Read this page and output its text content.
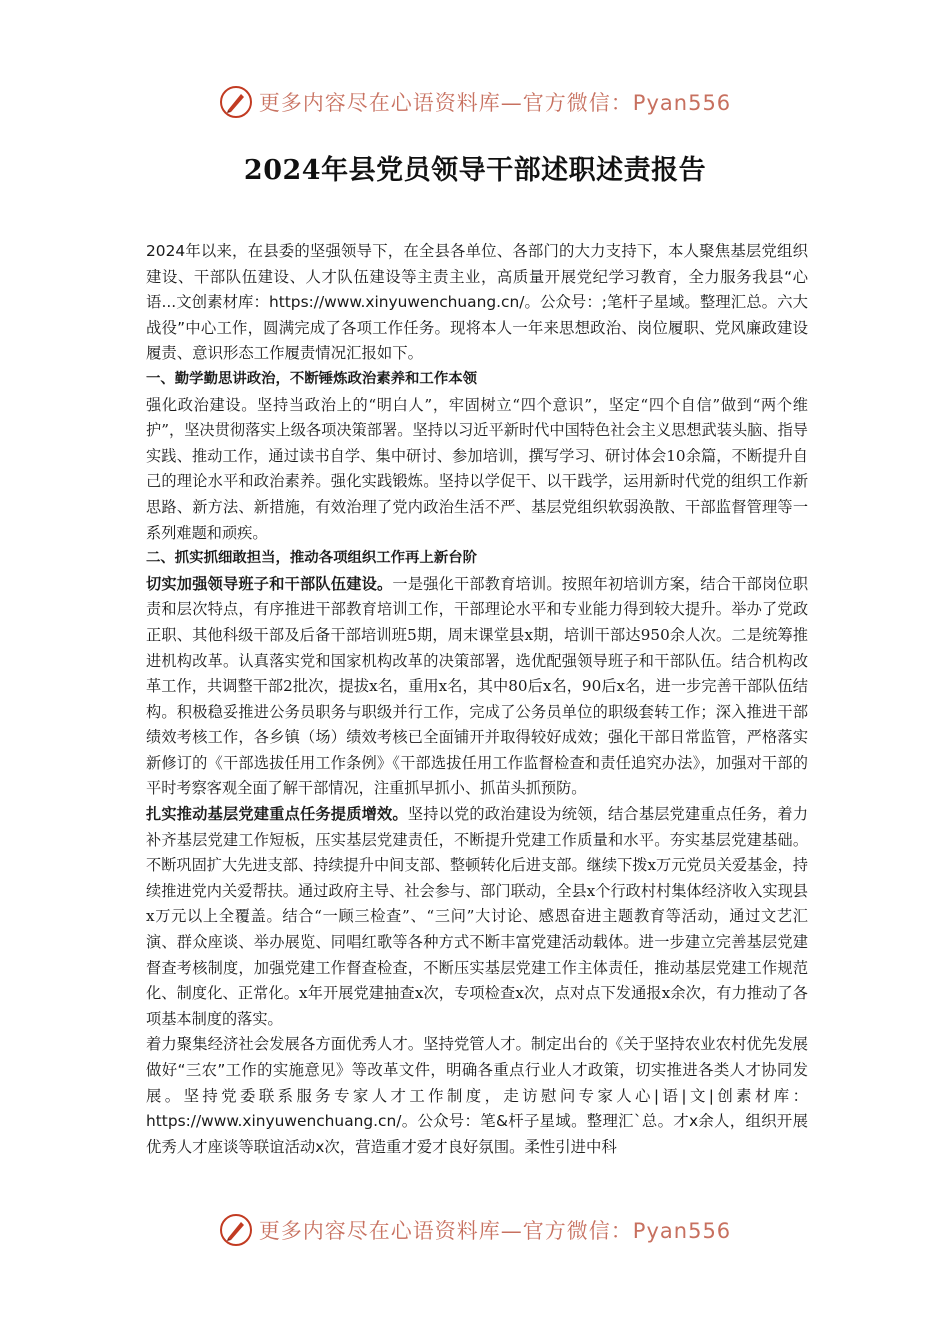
更多内容尽在心语资料库—官方微信：Pyan556
2024年县党员领导干部述职述责报告

2024年以来，在县委的坚强领导下，在全县各单位、各部门的大力支持下，本人聚焦基层党组织建设、干部队伍建设、人才队伍建设等主责主业，高质量开展党纪学习教育，全力服务我县“心语...文创素材库：https://www.xinyuwenchuang.cn/。公众号：;笔杆子星域。整理汇总。六大战役”中心工作，圆满完成了各项工作任务。现将本人一年来思想政治、岗位履职、党风廉政建设履责、意识形态工作履责情况汇报如下。

一、勤学勤思讲政治，不断锤炼政治素养和工作本领

强化政治建设。坚持当政治上的“明白人”，牢固树立“四个意识”，坚定“四个自信”做到“两个维护”，坚决贯彻落实上级各项决策部署。坚持以习近平新时代中国特色社会主义思想武装头脑、指导实践、推动工作，通过读书自学、集中研讨、参加培训，撰写学习、研讨体会10余篇，不断提升自己的理论水平和政治素养。强化实践锻炼。坚持以学促干、以干践学，运用新时代党的组织工作新思路、新方法、新措施，有效治理了党内政治生活不严、基层党组织软弱涣散、干部监督管理等一系列难题和顽疾。

二、抓实抓细敢担当，推动各项组织工作再上新台阶

切实加强领导班子和干部队伍建设。一是强化干部教育培训。按照年初培训方案，结合干部岗位职责和层次特点，有序推进干部教育培训工作，干部理论水平和专业能力得到较大提升。举办了党政正职、其他科级干部及后备干部培训班5期，周末课堂县x期，培训干部达950余人次。二是统筹推进机构改革。认真落实党和国家机构改革的决策部署，选优配强领导班子和干部队伍。结合机构改革工作，共调整干部2批次，提拔x名，重用x名，其中80后x名，90后x名，进一步完善干部队伍结构。积极稳妥推进公务员职务与职级并行工作，完成了公务员单位的职级套转工作；深入推进干部绩效考核工作，各乡镇（场）绩效考核已全面铺开并取得较好成效；强化干部日常监管，严格落实新修订的《干部选拔任用工作条例》《干部选拔任用工作监督检查和责任追究办法》，加强对干部的平时考察客观全面了解干部情况，注重抓早抓小、抓苗头抓预防。

扎实推动基层党建重点任务提质增效。坚持以党的政治建设为统领，结合基层党建重点任务，着力补齐基层党建工作短板，压实基层党建责任，不断提升党建工作质量和水平。夯实基层党建基础。不断巩固扩大先进支部、持续提升中间支部、整顿转化后进支部。继续下拨x万元党员关爱基金，持续推进党内关爱帮扶。通过政府主导、社会参与、部门联动，全县x个行政村村集体经济收入实现县x万元以上全覆盖。结合“一顾三检查”、“三问”大讨论、感恩奋进主题教育等活动，通过文艺汇演、群众座谈、举办展览、同唱红歌等各种方式不断丰富党建活动载体。进一步建立完善基层党建督查考核制度，加强党建工作督查检查，不断压实基层党建工作主体责任，推动基层党建工作规范化、制度化、正常化。x年开展党建抽查x次，专项检查x次，点对点下发通报x余次，有力推动了各项基本制度的落实。

着力聚集经济社会发展各方面优秀人才。坚持党管人才。制定出台的《关于坚持农业农村优先发展做好“三农”工作的实施意见》等改革文件，明确各重点行业人才政策，切实推进各类人才协同发展。坚持党委联系服务专家人才工作制度，走访慰问专家人心|语|文|创素材库：https://www.xinyuwenchuang.cn/。公众号：笔&杆子星域。整理汇`总。才x余人，组织开展优秀人才座谈等联谊活动x次，营造重才爱才良好氛围。柔性引进中科

更多内容尽在心语资料库—官方微信：Pyan556
